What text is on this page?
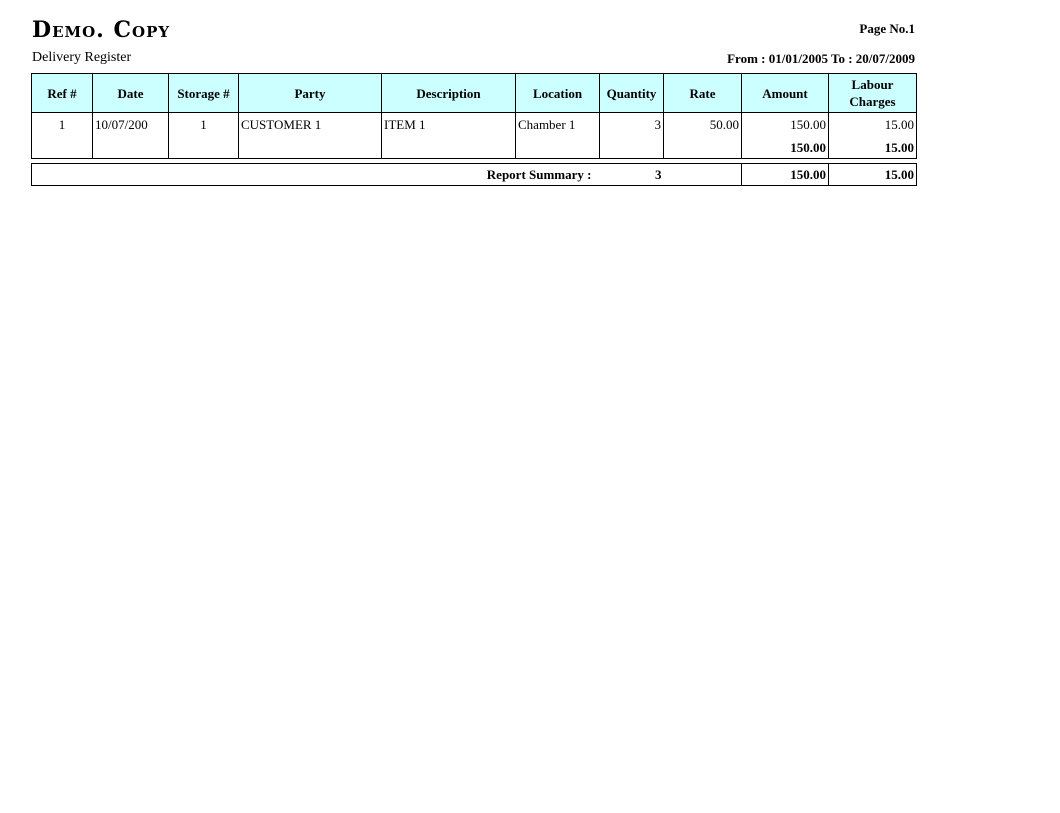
Demo. Copy	Page No.1
Delivery Register	From : 01/01/2005 To : 20/07/2009
Ref #	Date	Storage #	Party	Description	Location	Quantity	Rate	Amount	Labour Charges
1	10/07/200	1	CUSTOMER 1	ITEM 1	Chamber 1	3	50.00	150.00	15.00
								150.00	15.00
Report Summary :	3		150.00	15.00
